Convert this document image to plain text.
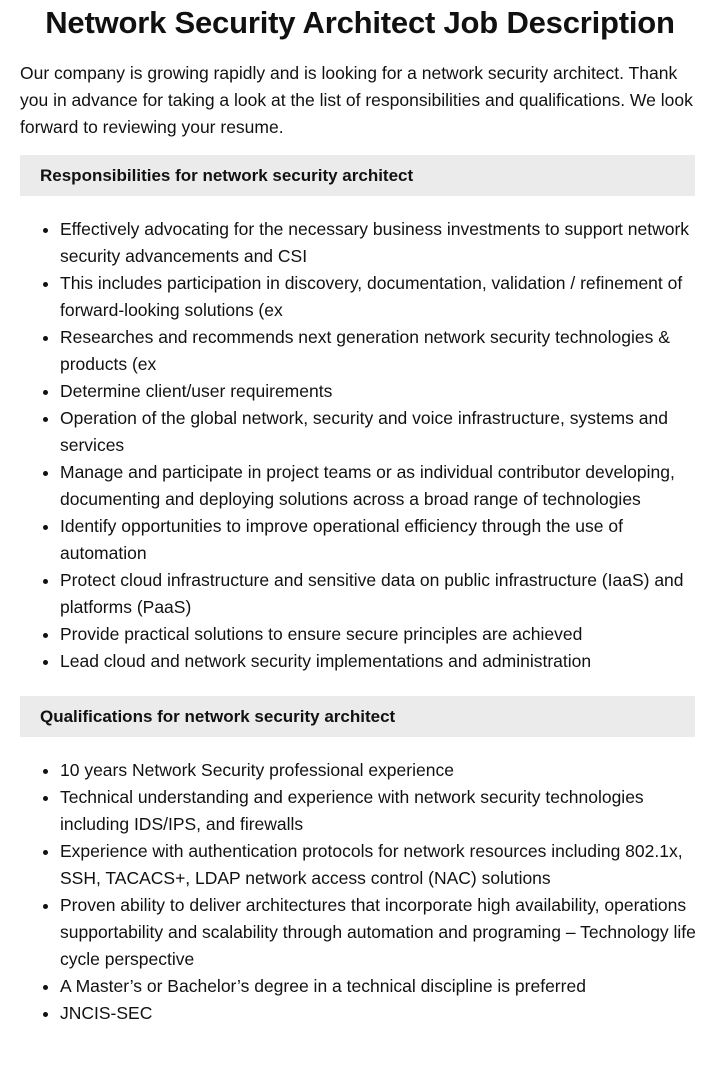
Network Security Architect Job Description

Our company is growing rapidly and is looking for a network security architect. Thank you in advance for taking a look at the list of responsibilities and qualifications. We look forward to reviewing your resume.

Responsibilities for network security architect
• Effectively advocating for the necessary business investments to support network security advancements and CSI
• This includes participation in discovery, documentation, validation / refinement of forward-looking solutions (ex
• Researches and recommends next generation network security technologies & products (ex
• Determine client/user requirements
• Operation of the global network, security and voice infrastructure, systems and services
• Manage and participate in project teams or as individual contributor developing, documenting and deploying solutions across a broad range of technologies
• Identify opportunities to improve operational efficiency through the use of automation
• Protect cloud infrastructure and sensitive data on public infrastructure (IaaS) and platforms (PaaS)
• Provide practical solutions to ensure secure principles are achieved
• Lead cloud and network security implementations and administration
Qualifications for network security architect
• 10 years Network Security professional experience
• Technical understanding and experience with network security technologies including IDS/IPS, and firewalls
• Experience with authentication protocols for network resources including 802.1x, SSH, TACACS+, LDAP network access control (NAC) solutions
• Proven ability to deliver architectures that incorporate high availability, operations supportability and scalability through automation and programing – Technology life cycle perspective
• A Master’s or Bachelor’s degree in a technical discipline is preferred
• JNCIS-SEC
